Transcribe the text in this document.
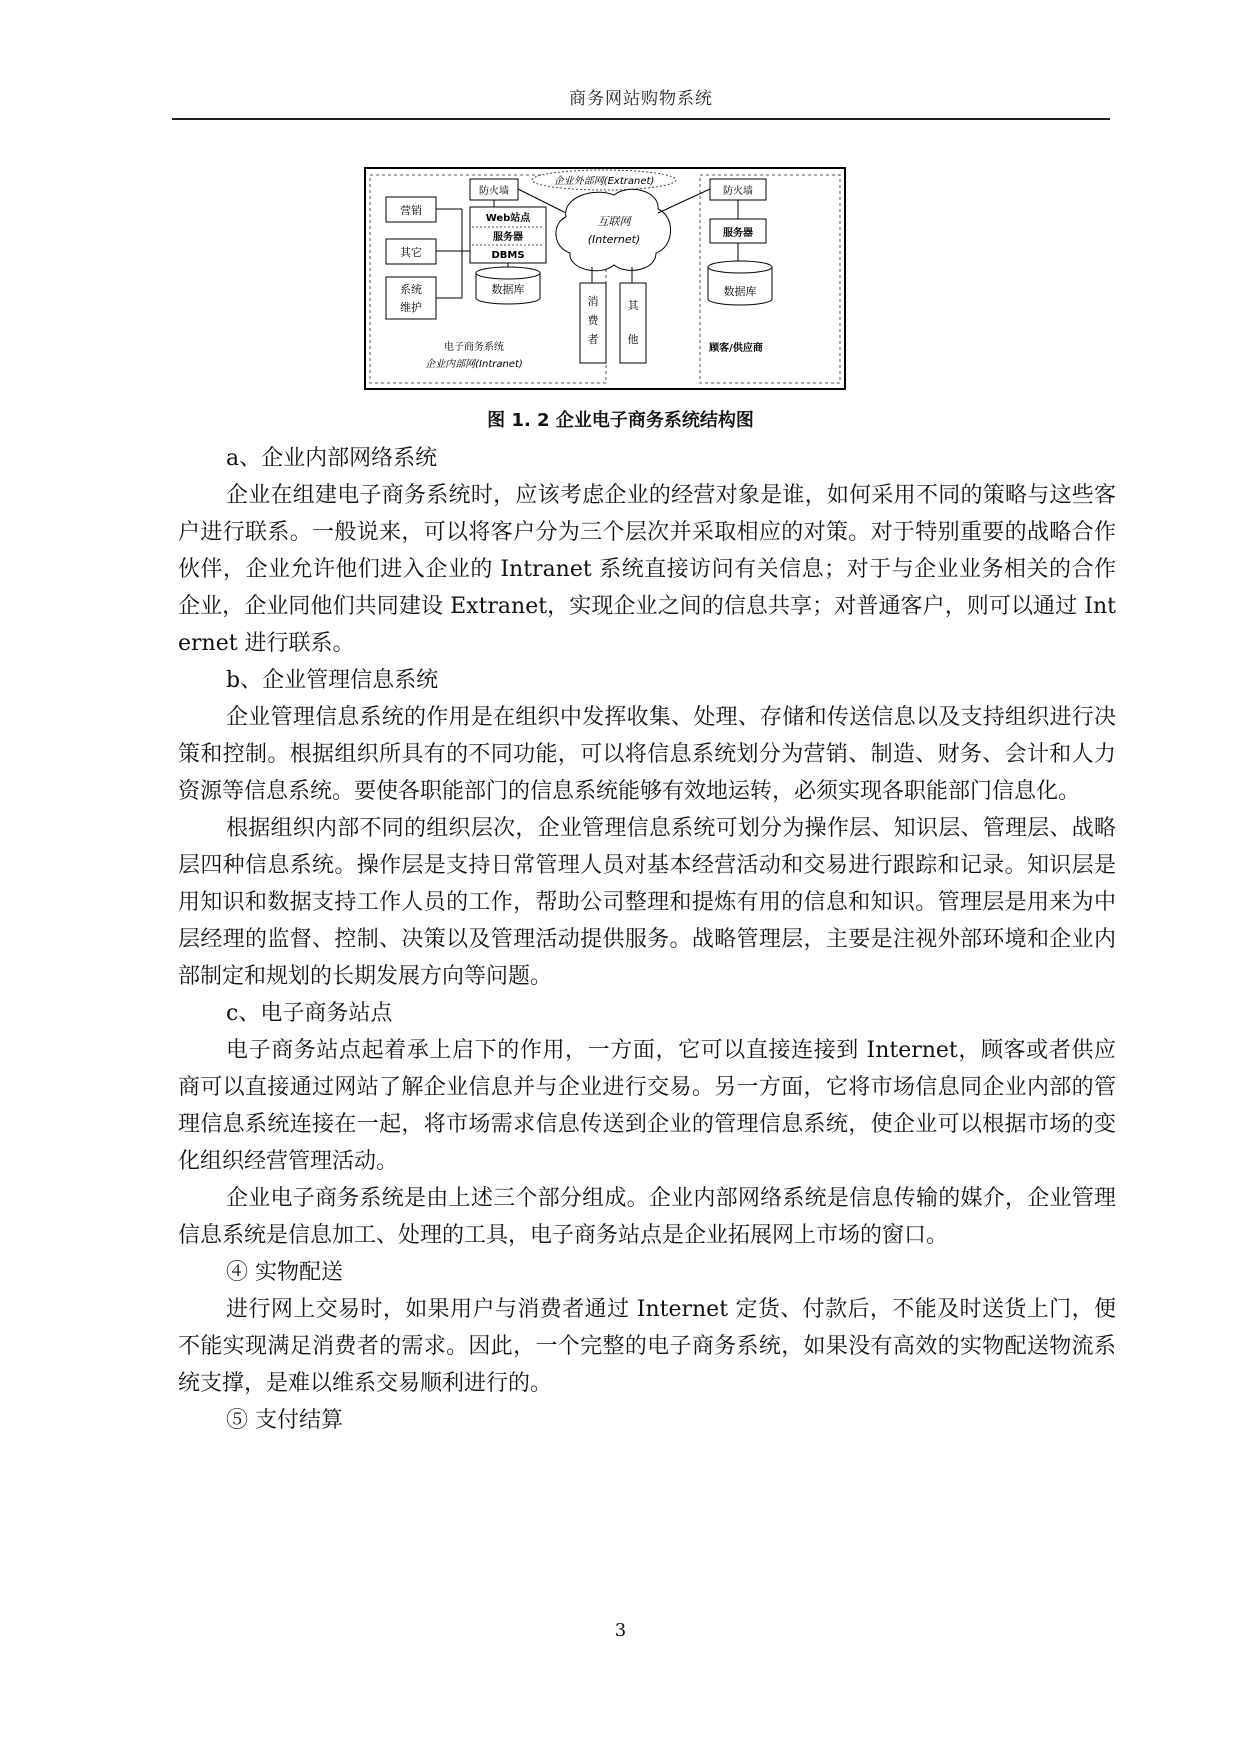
商务网站购物系统
企业外部网(Extranet)
营销
其它
系统
维护
防火墙
Web站点
服务器
DBMS
数据库
电子商务系统
企业内部网(Intranet)
互联网
(Internet)
消
费
者
其
他
防火墙
服务器
数据库
顾客/供应商
图 1. 2 企业电子商务系统结构图

a、企业内部网络系统

企业在组建电子商务系统时，应该考虑企业的经营对象是谁，如何采用不同的策略与这些客户进行联系。一般说来，可以将客户分为三个层次并采取相应的对策。对于特别重要的战略合作伙伴，企业允许他们进入企业的 Intranet 系统直接访问有关信息；对于与企业业务相关的合作企业，企业同他们共同建设 Extranet，实现企业之间的信息共享；对普通客户，则可以通过 Internet 进行联系。

b、企业管理信息系统

企业管理信息系统的作用是在组织中发挥收集、处理、存储和传送信息以及支持组织进行决策和控制。根据组织所具有的不同功能，可以将信息系统划分为营销、制造、财务、会计和人力资源等信息系统。要使各职能部门的信息系统能够有效地运转，必须实现各职能部门信息化。

根据组织内部不同的组织层次，企业管理信息系统可划分为操作层、知识层、管理层、战略层四种信息系统。操作层是支持日常管理人员对基本经营活动和交易进行跟踪和记录。知识层是用知识和数据支持工作人员的工作，帮助公司整理和提炼有用的信息和知识。管理层是用来为中层经理的监督、控制、决策以及管理活动提供服务。战略管理层，主要是注视外部环境和企业内部制定和规划的长期发展方向等问题。

c、电子商务站点

电子商务站点起着承上启下的作用，一方面，它可以直接连接到 Internet，顾客或者供应商可以直接通过网站了解企业信息并与企业进行交易。另一方面，它将市场信息同企业内部的管理信息系统连接在一起，将市场需求信息传送到企业的管理信息系统，使企业可以根据市场的变化组织经营管理活动。

企业电子商务系统是由上述三个部分组成。企业内部网络系统是信息传输的媒介，企业管理信息系统是信息加工、处理的工具，电子商务站点是企业拓展网上市场的窗口。

④ 实物配送

进行网上交易时，如果用户与消费者通过 Internet 定货、付款后，不能及时送货上门，便不能实现满足消费者的需求。因此，一个完整的电子商务系统，如果没有高效的实物配送物流系统支撑，是难以维系交易顺利进行的。

⑤ 支付结算

3
